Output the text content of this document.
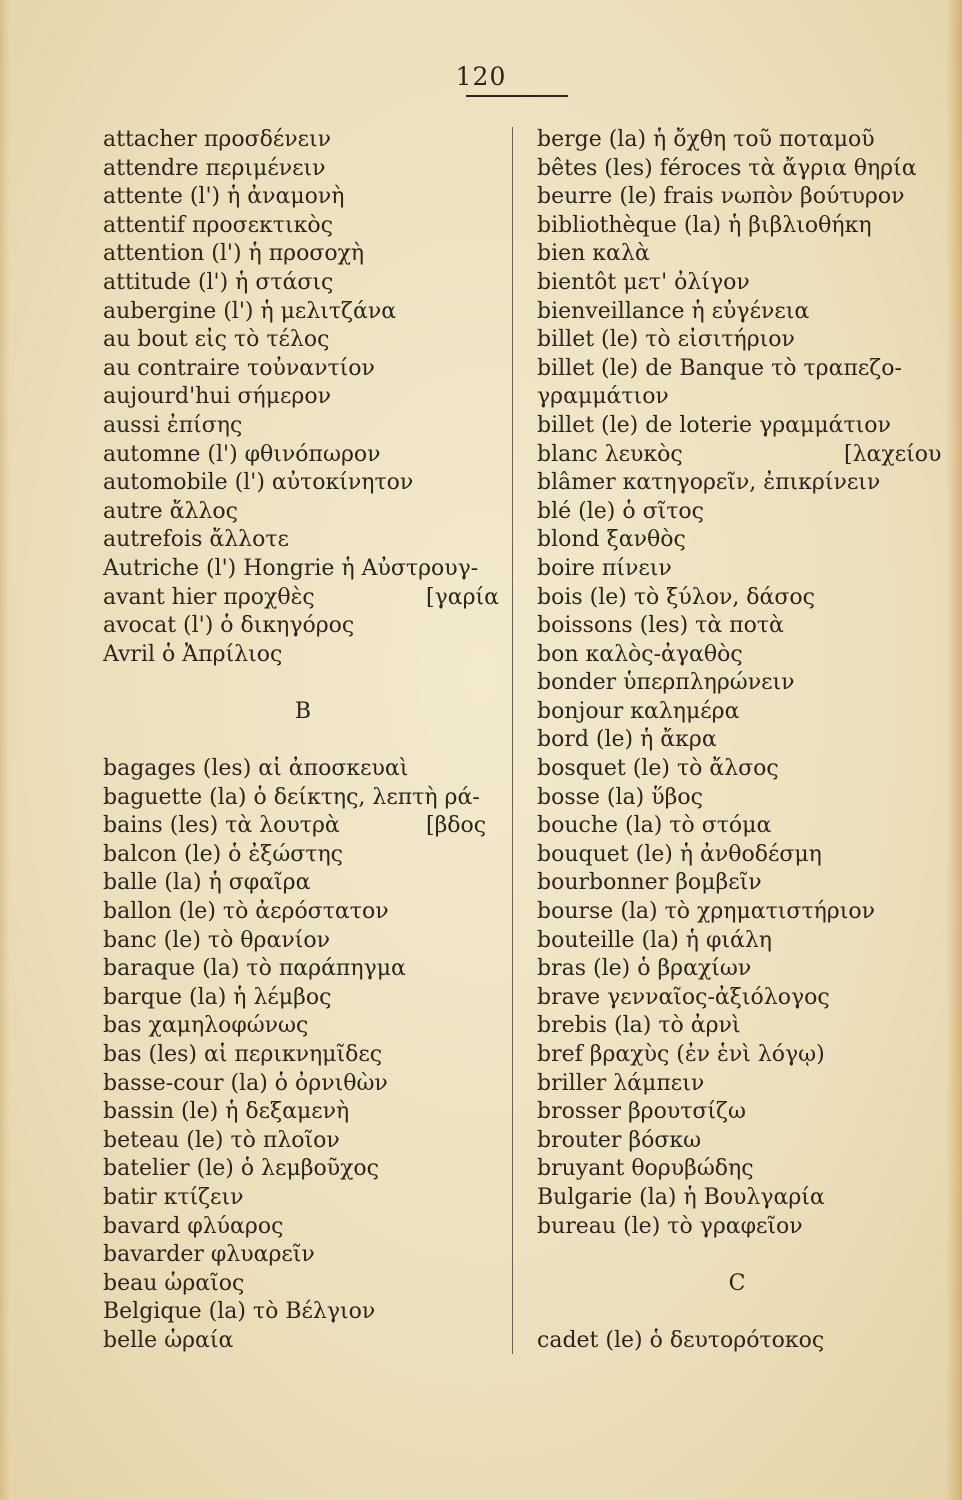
120
attacher προσδένειν
attendre περιμένειν
attente (l') ἡ ἀναμονὴ
attentif προσεκτικὸς
attention (l') ἡ προσοχὴ
attitude (l') ἡ στάσις
aubergine (l') ἡ μελιτζάνα
au bout εἰς τὸ τέλος
au contraire τοὐναντίον
aujourd'hui σήμερον
aussi ἐπίσης
automne (l') φθινόπωρον
automobile (l') αὐτοκίνητον
autre ἄλλος
autrefois ἄλλοτε
Autriche (l') Hongrie ἡ Αὐστρουγ-
avant hier προχθὲς	[γαρία
avocat (l') ὁ δικηγόρος
Avril ὁ Ἀπρίλιος
B
bagages (les) αἱ ἀποσκευαὶ
baguette (la) ὁ δείκτης, λεπτὴ ρά-
bains (les) τὰ λουτρὰ	[βδος
balcon (le) ὁ ἐξώστης
balle (la) ἡ σφαῖρα
ballon (le) τὸ ἀερόστατον
banc (le) τὸ θρανίον
baraque (la) τὸ παράπηγμα
barque (la) ἡ λέμβος
bas χαμηλοφώνως
bas (les) αἱ περικνημῖδες
basse-cour (la) ὁ ὀρνιθὼν
bassin (le) ἡ δεξαμενὴ
beteau (le) τὸ πλοῖον
batelier (le) ὁ λεμβοῦχος
batir κτίζειν
bavard φλύαρος
bavarder φλυαρεῖν
beau ὡραῖος
Belgique (la) τὸ Βέλγιον
belle ὡραία
berge (la) ἡ ὄχθη τοῦ ποταμοῦ
bêtes (les) féroces τὰ ἄγρια θηρία
beurre (le) frais νωπὸν βούτυρον
bibliothèque (la) ἡ βιβλιοθήκη
bien καλὰ
bientôt μετ' ὀλίγον
bienveillance ἡ εὐγένεια
billet (le) τὸ εἰσιτήριον
billet (le) de Banque τὸ τραπεζο-
γραμμάτιον
billet (le) de loterie γραμμάτιον
blanc λευκὸς	[λαχείου
blâmer κατηγορεῖν, ἐπικρίνειν
blé (le) ὁ σῖτος
blond ξανθὸς
boire πίνειν
bois (le) τὸ ξύλον, δάσος
boissons (les) τὰ ποτὰ
bon καλὸς-ἀγαθὸς
bonder ὑπερπληρώνειν
bonjour καλημέρα
bord (le) ἡ ἄκρα
bosquet (le) τὸ ἄλσος
bosse (la) ὕβος
bouche (la) τὸ στόμα
bouquet (le) ἡ ἀνθοδέσμη
bourbonner βομβεῖν
bourse (la) τὸ χρηματιστήριον
bouteille (la) ἡ φιάλη
bras (le) ὁ βραχίων
brave γενναῖος-ἀξιόλογος
brebis (la) τὸ ἀρνὶ
bref βραχὺς (ἐν ἑνὶ λόγῳ)
briller λάμπειν
brosser βρουτσίζω
brouter βόσκω
bruyant θορυβώδης
Bulgarie (la) ἡ Βουλγαρία
bureau (le) τὸ γραφεῖον
C
cadet (le) ὁ δευτορότοκος
